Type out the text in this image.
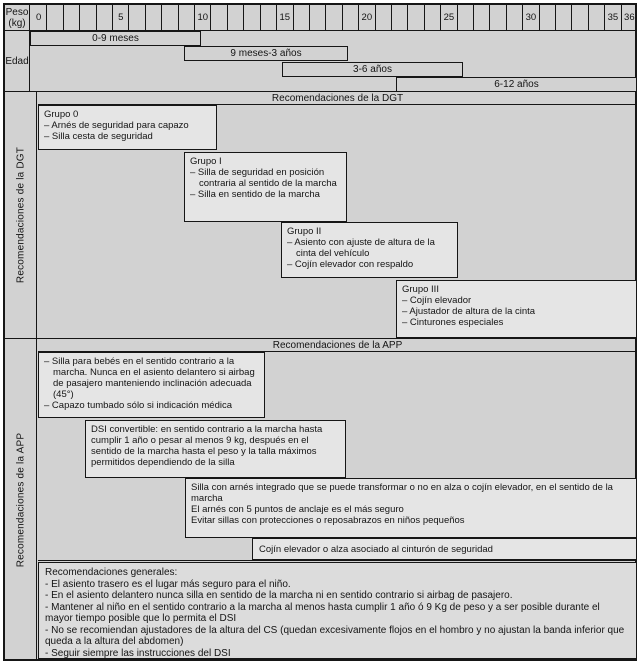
Peso
(kg)	0	5	10	15	20	25	30	35 36
Edad
0-9 meses
9 meses-3 años
3-6 años
6-12 años
Recomendaciones de la DGT
Recomendaciones de la DGT
Grupo 0
– Arnés de seguridad para capazo
– Silla cesta de seguridad
Grupo I
– Silla de seguridad en posición contraria al sentido de la marcha
– Silla en sentido de la marcha
Grupo II
– Asiento con ajuste de altura de la cinta del vehículo
– Cojín elevador con respaldo
Grupo III
– Cojín elevador
– Ajustador de altura de la cinta
– Cinturones especiales
Recomendaciones de la APP
Recomendaciones de la APP
– Silla para bebés en el sentido contrario a la marcha. Nunca en el asiento delantero si airbag de pasajero manteniendo inclinación adecuada (45°)
– Capazo tumbado sólo si indicación médica
DSI convertible: en sentido contrario a la marcha hasta cumplir 1 año o pesar al menos 9 kg, después en el sentido de la marcha hasta el peso y la talla máximos permitidos dependiendo de la silla
Silla con arnés integrado que se puede transformar o no en alza o cojín elevador, en el sentido de la marcha
El arnés con 5 puntos de anclaje es el más seguro
Evitar sillas con protecciones o reposabrazos en niños pequeños
Cojín elevador o alza asociado al cinturón de seguridad
Recomendaciones generales:
- El asiento trasero es el lugar más seguro para el niño.
- En el asiento delantero nunca silla en sentido de la marcha ni en sentido contrario si airbag de pasajero.
- Mantener al niño en el sentido contrario a la marcha al menos hasta cumplir 1 año ó 9 Kg de peso y a ser posible durante el mayor tiempo posible que lo permita el DSI
- No se recomiendan ajustadores de la altura del CS (quedan excesivamente flojos en el hombro y no ajustan la banda inferior que queda a la altura del abdomen)
- Seguir siempre las instrucciones del DSI
